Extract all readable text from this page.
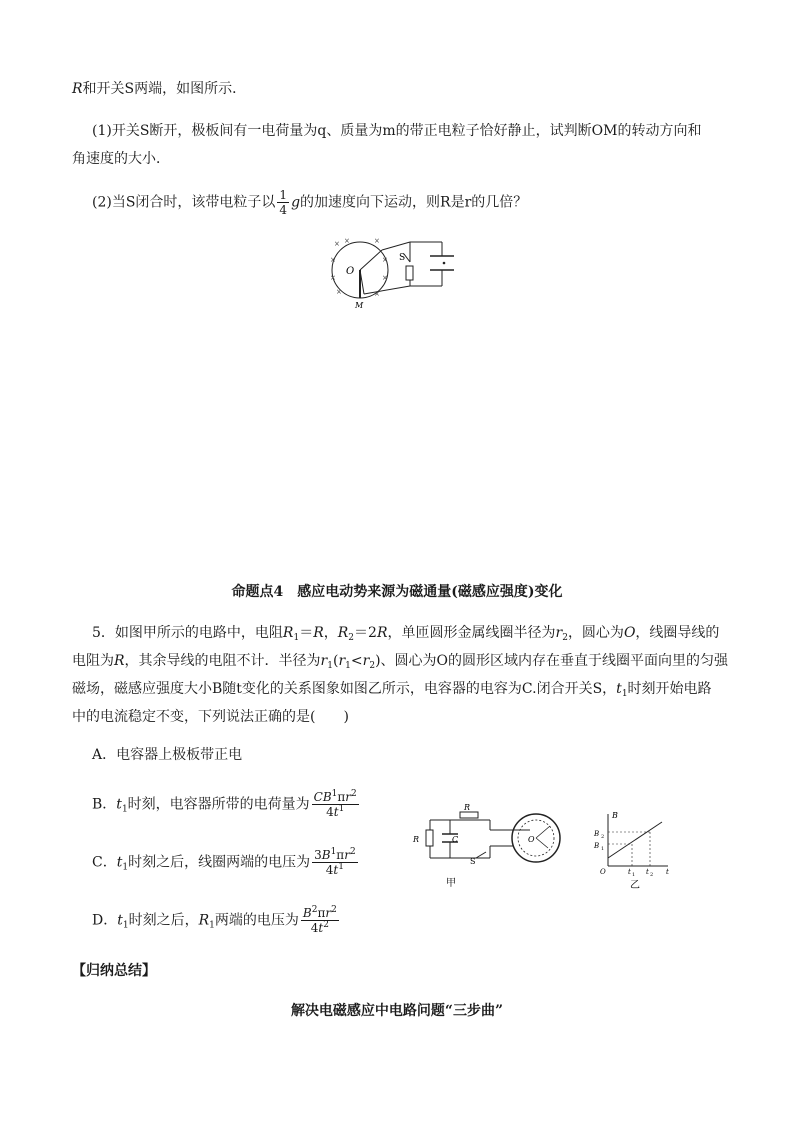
R和开关S两端，如图所示．
(1)开关S断开，极板间有一电荷量为q、质量为m的带正电粒子恰好静止，试判断OM的转动方向和
角速度的大小．
(2)当S闭合时，该带电粒子以 $\frac{1}{4}$ g的加速度向下运动，则R是r的几倍？
O
M
S
× ×	×
×	×
×	×
×	×
命题点4　感应电动势来源为磁通量(磁感应强度)变化
5．如图甲所示的电路中，电阻$R_1=R$，$R_2=2R$，单匝圆形金属线圈半径为$r_2$，圆心为O，线圈导线的
电阻为R，其余导线的电阻不计．半径为$r_1(r_1<r_2)$、圆心为O的圆形区域内存在垂直于线圈平面向里的匀强
磁场，磁感应强度大小B随t变化的关系图象如图乙所示，电容器的电容为C.闭合开关S，$t_1$时刻开始电路
中的电流稳定不变，下列说法正确的是(　　)
A．电容器上极板带正电
B．$t_1$时刻，电容器所带的电荷量为 $\frac{CB^1\pi r^2}{4t^1}$
C．$t_1$时刻之后，线圈两端的电压为 $\frac{3B^1\pi r^2}{4t^1}$
D．$t_1$时刻之后，$R_1$两端的电压为 $\frac{B^2\pi r^2}{4t^2}$
R
R	C
S
O
甲
B
B 2
B 1
O	t 1 t 2 t
乙
【归纳总结】
解决电磁感应中电路问题“三步曲”
